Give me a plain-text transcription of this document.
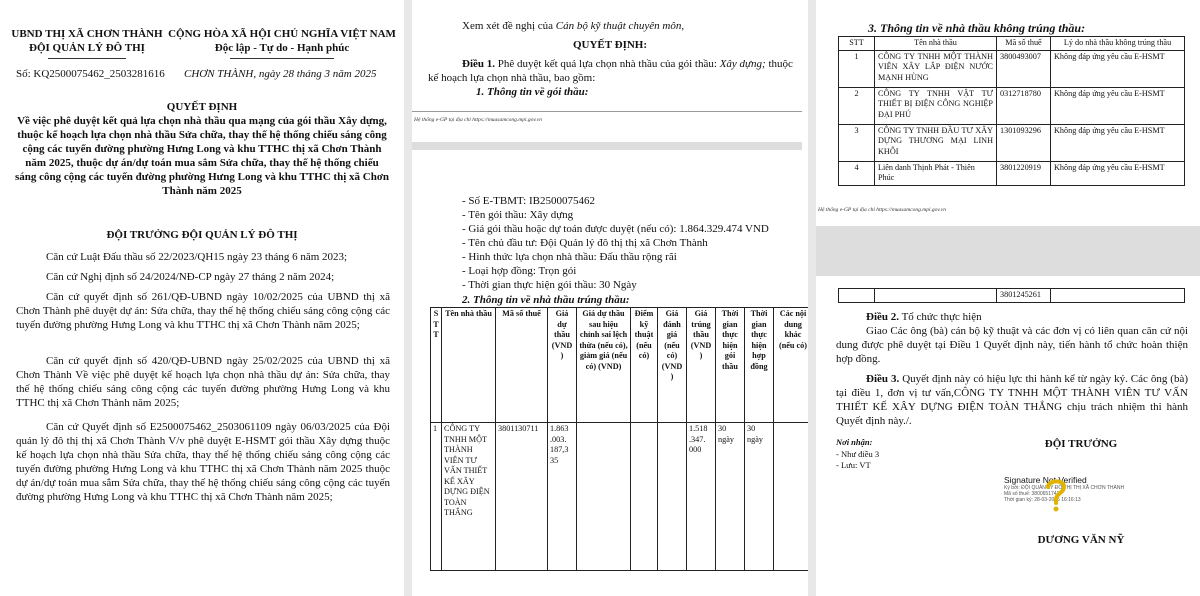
UBND THỊ XÃ CHƠN THÀNH
ĐỘI QUẢN LÝ ĐÔ THỊ
CỘNG HÒA XÃ HỘI CHỦ NGHĨA VIỆT NAM
Độc lập - Tự do - Hạnh phúc
Số: KQ2500075462_2503281616	CHƠN THÀNH, ngày 28 tháng 3 năm 2025
QUYẾT ĐỊNH
Về việc phê duyệt kết quả lựa chọn nhà thầu qua mạng của gói thầu Xây dựng, thuộc kế hoạch lựa chọn nhà thầu Sửa chữa, thay thế hệ thống chiếu sáng công cộng các tuyến đường phường Hưng Long và khu TTHC thị xã Chơn Thành năm 2025, thuộc dự án/dự toán mua sắm Sửa chữa, thay thế hệ thống chiếu sáng công cộng các tuyến đường phường Hưng Long và khu TTHC thị xã Chơn Thành năm 2025
ĐỘI TRƯỞNG ĐỘI QUẢN LÝ ĐÔ THỊ
Căn cứ Luật Đấu thầu số 22/2023/QH15 ngày 23 tháng 6 năm 2023;
Căn cứ Nghị định số 24/2024/NĐ-CP ngày 27 tháng 2 năm 2024;
Căn cứ quyết định số 261/QĐ-UBND ngày 10/02/2025 của UBND thị xã Chơn Thành phê duyệt dự án: Sửa chữa, thay thế hệ thống chiếu sáng công cộng các tuyến đường phường Hưng Long và khu TTHC thị xã Chơn Thành năm 2025;
Căn cứ quyết định số 420/QĐ-UBND ngày 25/02/2025 của UBND thị xã Chơn Thành Về việc phê duyệt kế hoạch lựa chọn nhà thầu dự án: Sửa chữa, thay thế hệ thống chiếu sáng công cộng các tuyến đường phường Hưng Long và khu TTHC thị xã Chơn Thành năm 2025;
Căn cứ Quyết định số E2500075462_2503061109 ngày 06/03/2025 của Đội quản lý đô thị thị xã Chơn Thành V/v phê duyệt E-HSMT gói thầu Xây dựng thuộc kế hoạch lựa chọn nhà thầu Sửa chữa, thay thế hệ thống chiếu sáng công cộng các tuyến đường phường Hưng Long và khu TTHC thị xã Chơn Thành năm 2025 thuộc dự án/dự toán mua sắm Sửa chữa, thay thế hệ thống chiếu sáng công cộng các tuyến đường phường Hưng Long và khu TTHC thị xã Chơn Thành năm 2025;
Xem xét đề nghị của Cán bộ kỹ thuật chuyên môn,
QUYẾT ĐỊNH:
Điều 1. Phê duyệt kết quả lựa chọn nhà thầu của gói thầu: Xây dựng; thuộc kế hoạch lựa chọn nhà thầu, bao gồm:
1. Thông tin về gói thầu:
Hệ thống e-GP tại địa chỉ https://muasamcong.mpi.gov.vn
- Số E-TBMT: IB2500075462
- Tên gói thầu: Xây dựng
- Giá gói thầu hoặc dự toán được duyệt (nếu có): 1.864.329.474 VND
- Tên chủ đầu tư: Đội Quản lý đô thị thị xã Chơn Thành
- Hình thức lựa chọn nhà thầu: Đấu thầu rộng rãi
- Loại hợp đồng: Trọn gói
- Thời gian thực hiện gói thầu: 30 Ngày
2. Thông tin về nhà thầu trúng thầu:
S T T	Tên nhà thầu	Mã số thuế	Giá dự thầu (VND )	Giá dự thầu sau hiệu chỉnh sai lệch thừa (nếu có), giảm giá (nếu có) (VND)	Điểm kỹ thuật (nếu có)	Giá đánh giá (nếu có) (VND )	Giá trúng thầu (VND )	Thời gian thực hiện gói thầu	Thời gian thực hiện hợp đồng	Các nội dung khác (nếu có)
1	CÔNG TY TNHH MỘT THÀNH VIÊN TƯ VẤN THIẾT KẾ XÂY DỰNG ĐIỆN TOÀN THẮNG	3801130711	1.863 .003. 187,3 35				1.518 .347. 000	30 ngày	30 ngày	
3. Thông tin về nhà thầu không trúng thầu:
STT	Tên nhà thầu	Mã số thuế	Lý do nhà thầu không trúng thầu
1	CÔNG TY TNHH MỘT THÀNH VIÊN XÂY LẮP ĐIỆN NƯỚC MẠNH HÙNG	3800493007	Không đáp ứng yêu cầu E-HSMT
2	CÔNG TY TNHH VẬT TƯ THIẾT BỊ ĐIỆN CÔNG NGHIỆP ĐẠI PHÚ	0312718780	Không đáp ứng yêu cầu E-HSMT
3	CÔNG TY TNHH ĐẦU TƯ XÂY DỰNG THƯƠNG MẠI LINH KHÔI	1301093296	Không đáp ứng yêu cầu E-HSMT
4	Liên danh Thịnh Phát - Thiên Phúc	3801220919	Không đáp ứng yêu cầu E-HSMT
Hệ thống e-GP tại địa chỉ https://muasamcong.mpi.gov.vn
		3801245261	
Điều 2. Tổ chức thực hiện
Giao Các ông (bà) cán bộ kỹ thuật và các đơn vị có liên quan căn cứ nội dung được phê duyệt tại Điều 1 Quyết định này, tiến hành tổ chức hoàn thiện hợp đồng.
Điều 3. Quyết định này có hiệu lực thi hành kể từ ngày ký. Các ông (bà) tại điều 1, đơn vị tư vấn,CÔNG TY TNHH MỘT THÀNH VIÊN TƯ VẤN THIẾT KẾ XÂY DỰNG ĐIỆN TOÀN THẮNG chịu trách nhiệm thi hành Quyết định này./.
Nơi nhận:
- Như điều 3
- Lưu: VT
ĐỘI TRƯỞNG
Signature Not Verified
Ký bởi: ĐỘI QUẢN LÝ ĐÔ THỊ THỊ XÃ CHƠN THÀNH
Mã số thuế: 3800651741
Thời gian ký: 28-03-2025 16:16:13
DƯƠNG VĂN NỸ
